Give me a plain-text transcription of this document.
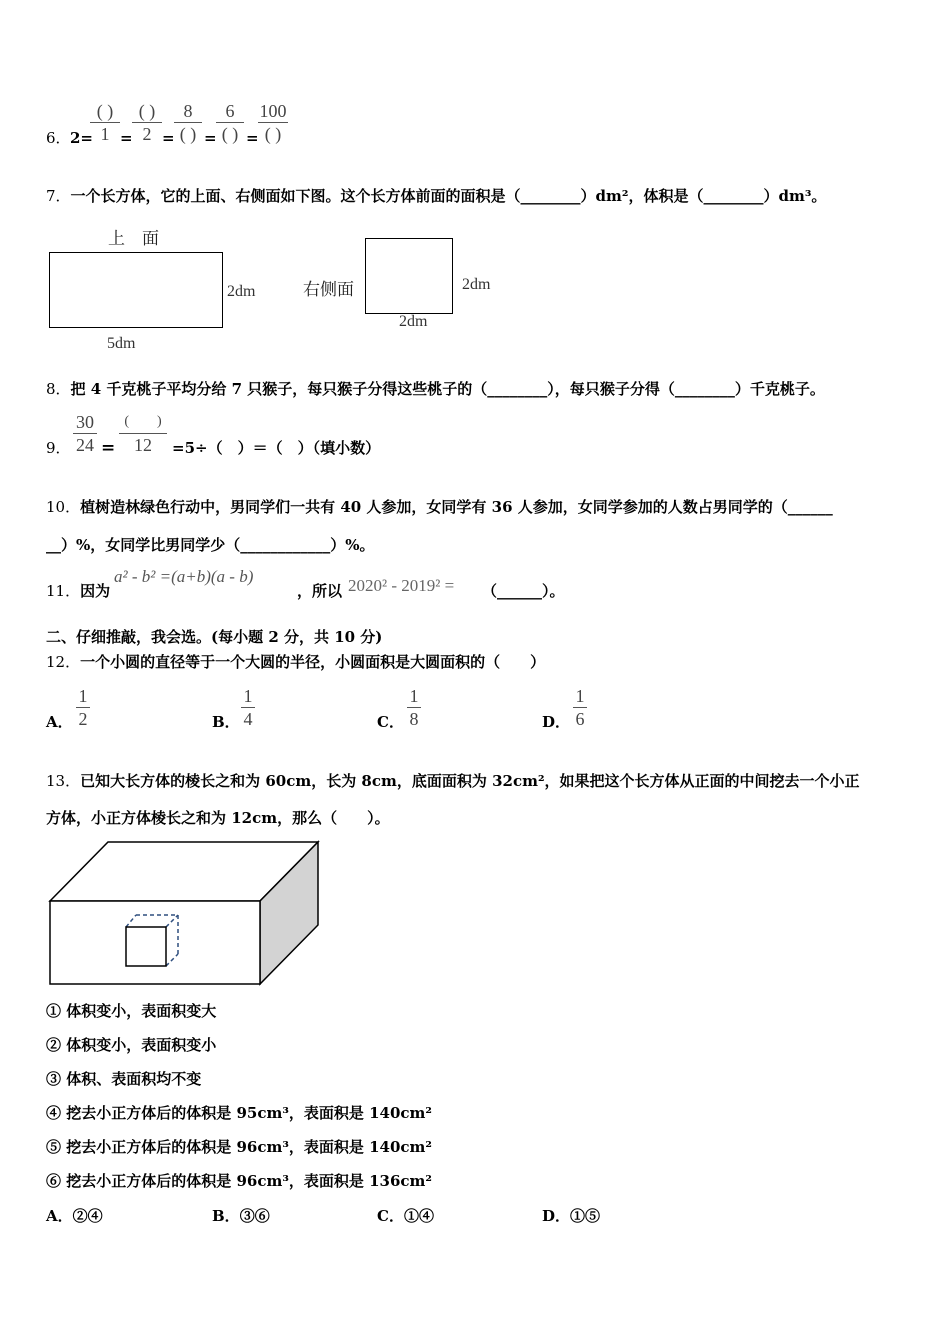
6． 2=
( )
1 =
( )
2 =
8
( ) =
6
( ) =
100
( )
7．一个长方体，它的上面、右侧面如下图。这个长方体前面的面积是（________）dm²，体积是（________）dm³。
上　面
2dm
5dm
右侧面	2dm
2dm
8．把 4 千克桃子平均分给 7 只猴子，每只猴子分得这些桃子的（________），每只猴子分得（________）千克桃子。
9．
30
24 =
(　　)
12	=5÷（　）＝（　）（填小数）
10．植树造林绿色行动中，男同学们一共有 40 人参加，女同学有 36 人参加，女同学参加的人数占男同学的（______
__）%，女同学比男同学少（____________）%。
11．因为
a² - b² =(a+b)(a - b)
，所以 2020² - 2019² = （______）。
二、仔细推敲，我会选。(每小题 2 分，共 10 分)
12．一个小圆的直径等于一个大圆的半径，小圆面积是大圆面积的（　　）
A．
1
2	B．
1
4	C．
1
8	D．
1
6
13．已知大长方体的棱长之和为 60cm，长为 8cm，底面面积为 32cm²，如果把这个长方体从正面的中间挖去一个小正
方体，小正方体棱长之和为 12cm，那么（　　）。
① 体积变小，表面积变大
② 体积变小，表面积变小
③ 体积、表面积均不变
④ 挖去小正方体后的体积是 95cm³，表面积是 140cm²
⑤ 挖去小正方体后的体积是 96cm³，表面积是 140cm²
⑥ 挖去小正方体后的体积是 96cm³，表面积是 136cm²
A．②④	B．③⑥	C．①④	D．①⑤
